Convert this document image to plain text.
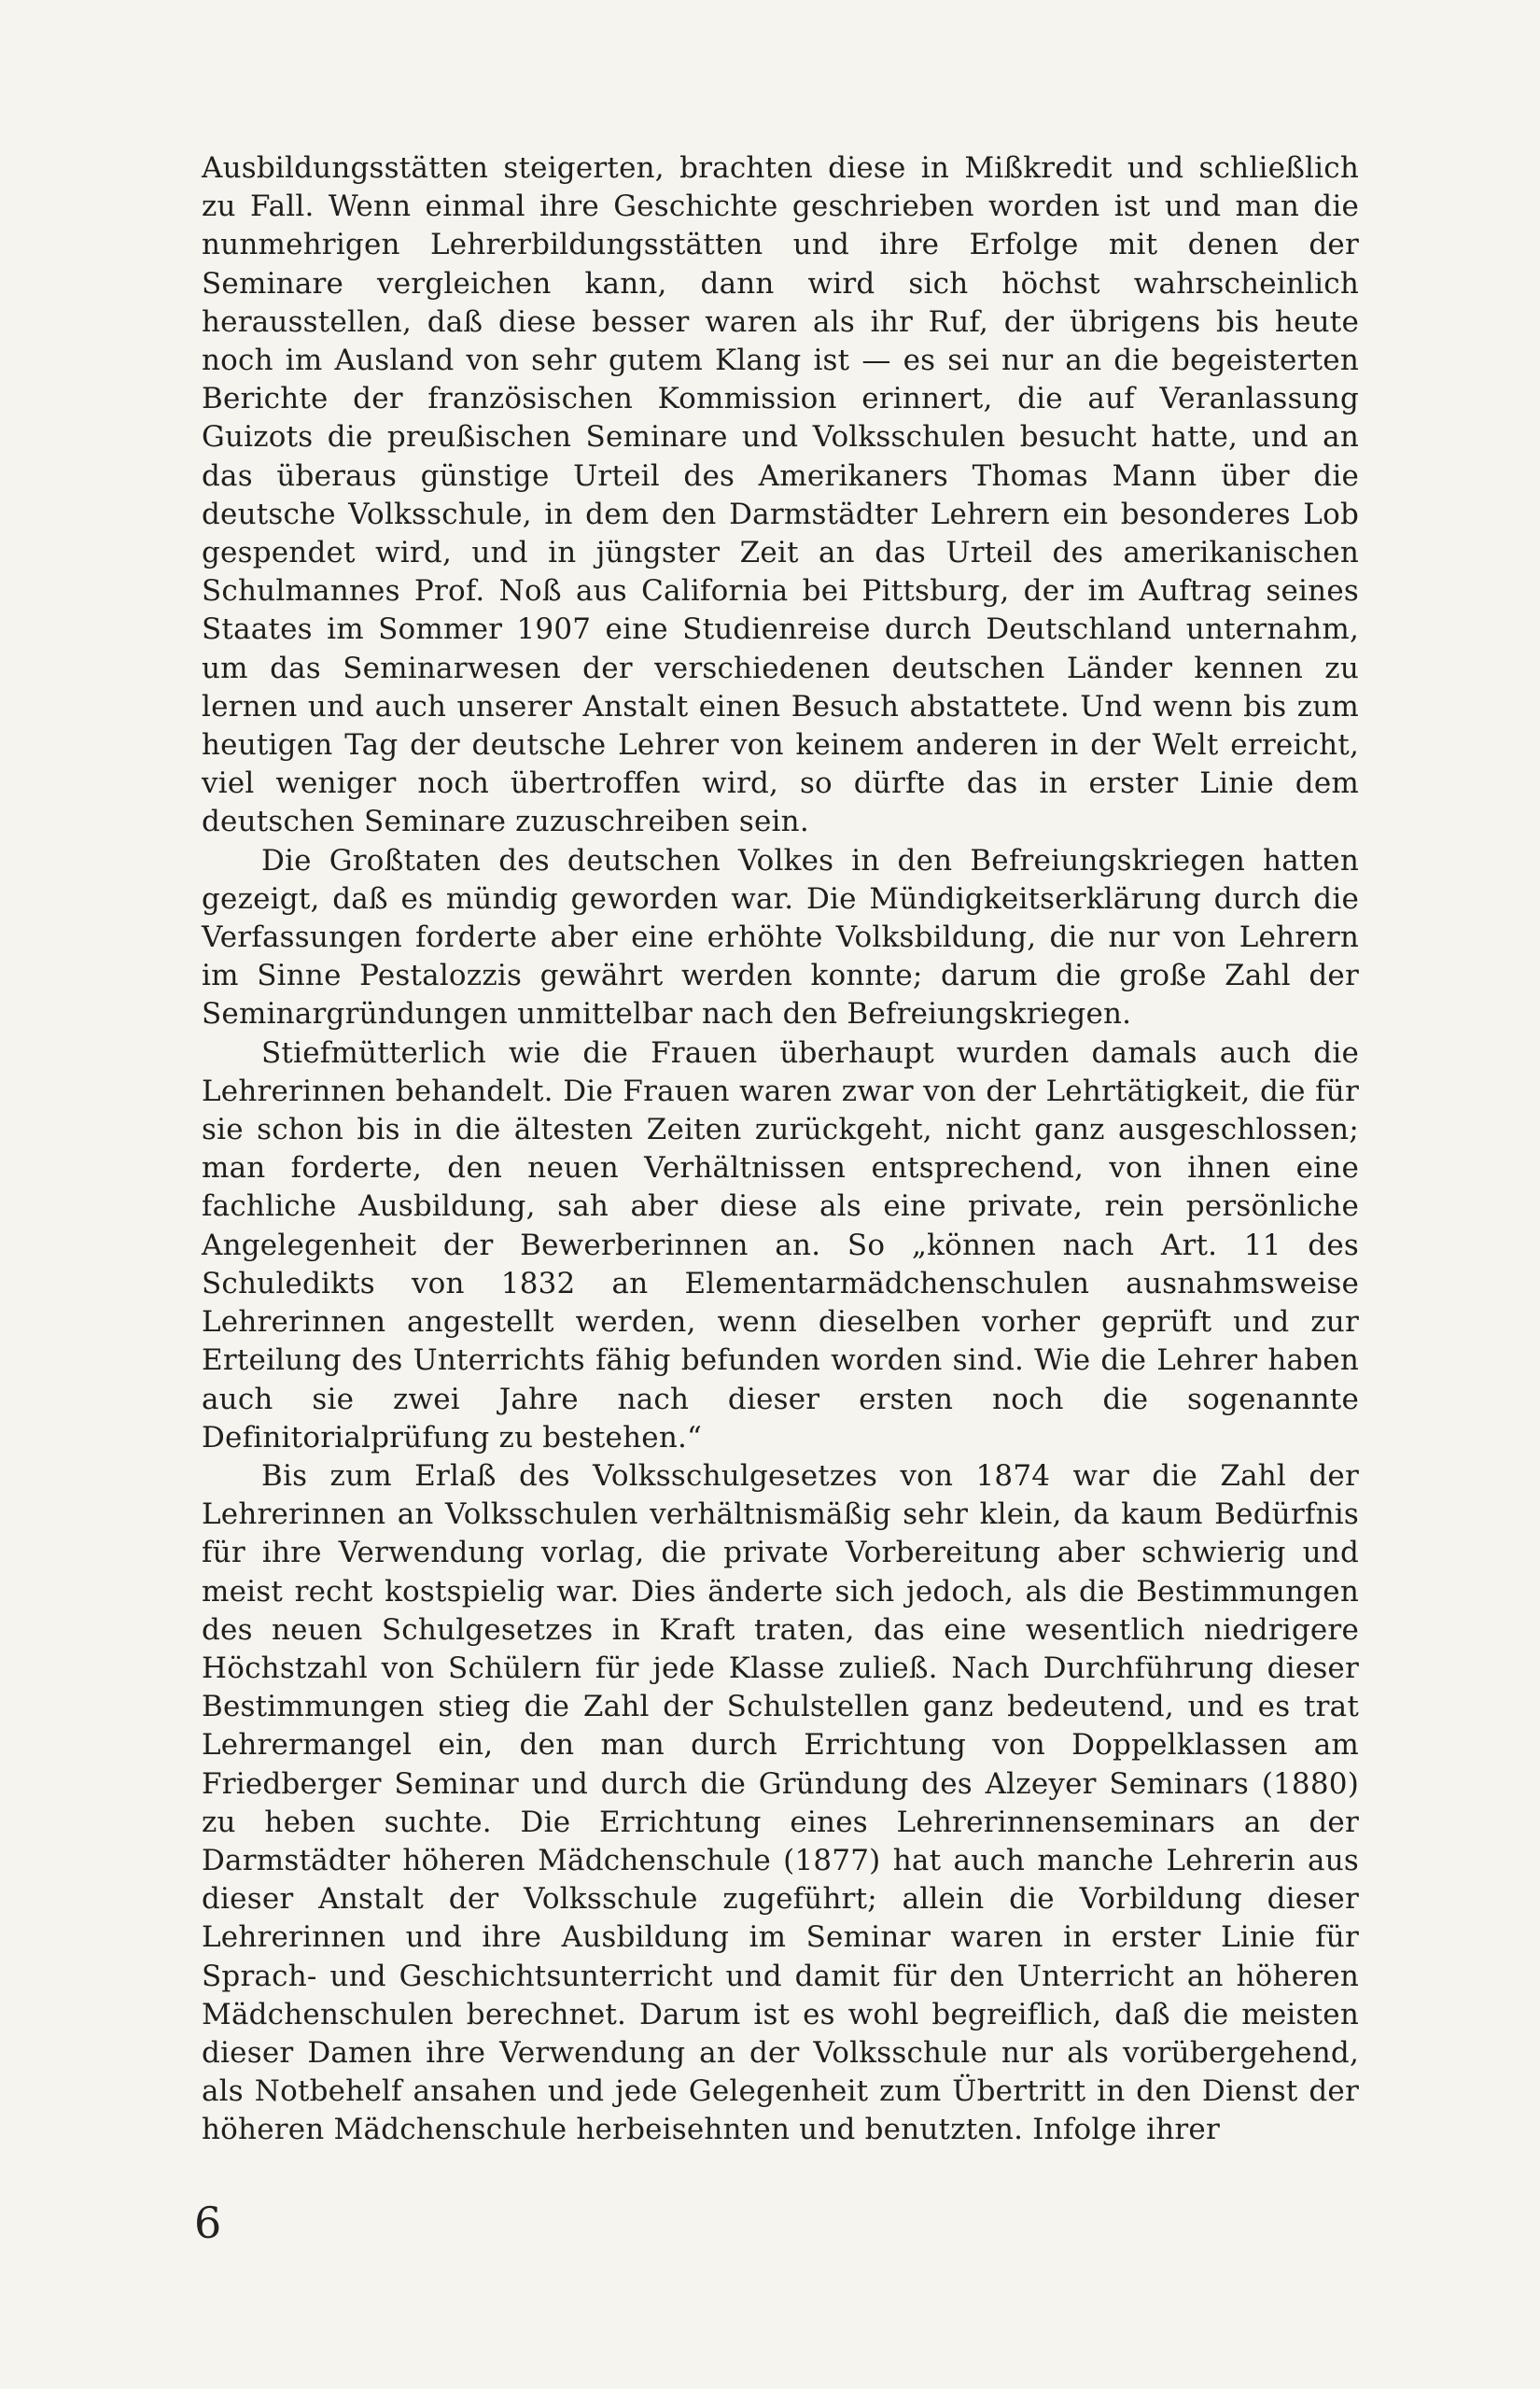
Ausbildungsstätten steigerten, brachten diese in Mißkredit und schließlich zu Fall. Wenn einmal ihre Geschichte geschrieben worden ist und man die nunmehrigen Lehrerbildungsstätten und ihre Erfolge mit denen der Seminare vergleichen kann, dann wird sich höchst wahrscheinlich herausstellen, daß diese besser waren als ihr Ruf, der übrigens bis heute noch im Ausland von sehr gutem Klang ist — es sei nur an die begeisterten Berichte der französischen Kommission erinnert, die auf Veranlassung Guizots die preußischen Seminare und Volksschulen besucht hatte, und an das überaus günstige Urteil des Amerikaners Thomas Mann über die deutsche Volksschule, in dem den Darmstädter Lehrern ein besonderes Lob gespendet wird, und in jüngster Zeit an das Urteil des amerikanischen Schulmannes Prof. Noß aus California bei Pittsburg, der im Auftrag seines Staates im Sommer 1907 eine Studienreise durch Deutschland unternahm, um das Seminarwesen der verschiedenen deutschen Länder kennen zu lernen und auch unserer Anstalt einen Besuch abstattete. Und wenn bis zum heutigen Tag der deutsche Lehrer von keinem anderen in der Welt erreicht, viel weniger noch übertroffen wird, so dürfte das in erster Linie dem deutschen Seminare zuzuschreiben sein.

Die Großtaten des deutschen Volkes in den Befreiungskriegen hatten gezeigt, daß es mündig geworden war. Die Mündigkeitserklärung durch die Verfassungen forderte aber eine erhöhte Volksbildung, die nur von Lehrern im Sinne Pestalozzis gewährt werden konnte; darum die große Zahl der Seminargründungen unmittelbar nach den Befreiungskriegen.

Stiefmütterlich wie die Frauen überhaupt wurden damals auch die Lehrerinnen behandelt. Die Frauen waren zwar von der Lehrtätigkeit, die für sie schon bis in die ältesten Zeiten zurückgeht, nicht ganz ausgeschlossen; man forderte, den neuen Verhältnissen entsprechend, von ihnen eine fachliche Ausbildung, sah aber diese als eine private, rein persönliche Angelegenheit der Bewerberinnen an. So „können nach Art. 11 des Schuledikts von 1832 an Elementarmädchenschulen ausnahmsweise Lehrerinnen angestellt werden, wenn dieselben vorher geprüft und zur Erteilung des Unterrichts fähig befunden worden sind. Wie die Lehrer haben auch sie zwei Jahre nach dieser ersten noch die sogenannte Definitorialprüfung zu bestehen.“

Bis zum Erlaß des Volksschulgesetzes von 1874 war die Zahl der Lehrerinnen an Volksschulen verhältnismäßig sehr klein, da kaum Bedürfnis für ihre Verwendung vorlag, die private Vorbereitung aber schwierig und meist recht kostspielig war. Dies änderte sich jedoch, als die Bestimmungen des neuen Schulgesetzes in Kraft traten, das eine wesentlich niedrigere Höchstzahl von Schülern für jede Klasse zuließ. Nach Durchführung dieser Bestimmungen stieg die Zahl der Schulstellen ganz bedeutend, und es trat Lehrermangel ein, den man durch Errichtung von Doppelklassen am Friedberger Seminar und durch die Gründung des Alzeyer Seminars (1880) zu heben suchte. Die Errichtung eines Lehrerinnenseminars an der Darmstädter höheren Mädchenschule (1877) hat auch manche Lehrerin aus dieser Anstalt der Volksschule zugeführt; allein die Vorbildung dieser Lehrerinnen und ihre Ausbildung im Seminar waren in erster Linie für Sprach- und Geschichtsunterricht und damit für den Unterricht an höheren Mädchenschulen berechnet. Darum ist es wohl begreiflich, daß die meisten dieser Damen ihre Verwendung an der Volksschule nur als vorübergehend, als Notbehelf ansahen und jede Gelegenheit zum Übertritt in den Dienst der höheren Mädchenschule herbeisehnten und benutzten. Infolge ihrer

6
